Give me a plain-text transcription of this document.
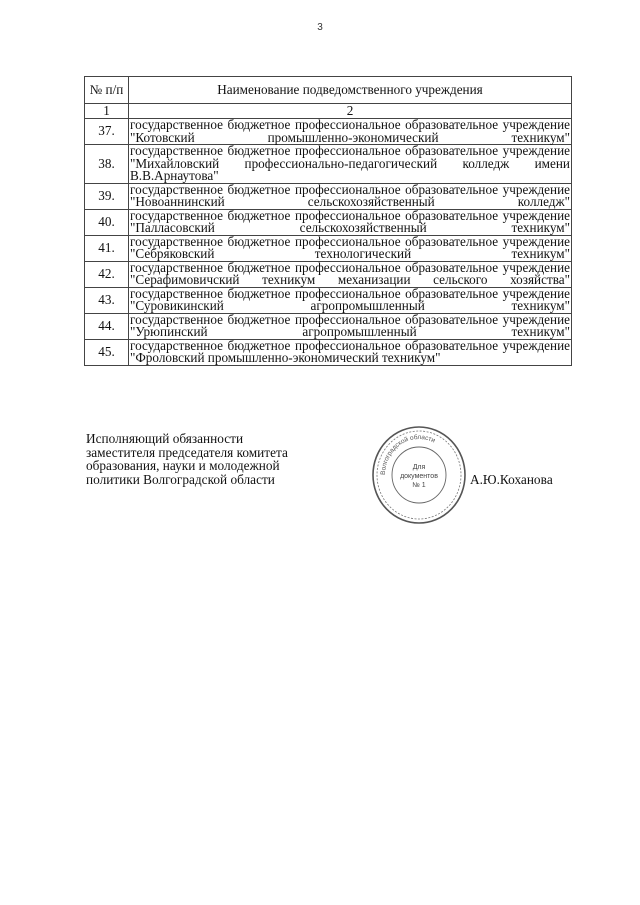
3
№ п/п	Наименование подведомственного учреждения
1	2
37.	государственное бюджетное профессиональное образовательное учреждение "Котовский промышленно-экономический техникум"
38.	государственное бюджетное профессиональное образовательное учреждение "Михайловский профессионально-педагогический колледж имени В.В.Арнаутова"
39.	государственное бюджетное профессиональное образовательное учреждение "Новоаннинский сельскохозяйственный колледж"
40.	государственное бюджетное профессиональное образовательное учреждение "Палласовский сельскохозяйственный техникум"
41.	государственное бюджетное профессиональное образовательное учреждение "Себряковский технологический техникум"
42.	государственное бюджетное профессиональное образовательное учреждение "Серафимовичский техникум механизации сельского хозяйства"
43.	государственное бюджетное профессиональное образовательное учреждение "Суровикинский агропромышленный техникум"
44.	государственное бюджетное профессиональное образовательное учреждение "Урюпинский агропромышленный техникум"
45.	государственное бюджетное профессиональное образовательное учреждение "Фроловский промышленно-экономический техникум"
Исполняющий обязанности
заместителя председателя комитета
образования, науки и молодежной
политики Волгоградской области	Волгоградской области
Для
документов
№ 1	А.Ю.Кохановa
